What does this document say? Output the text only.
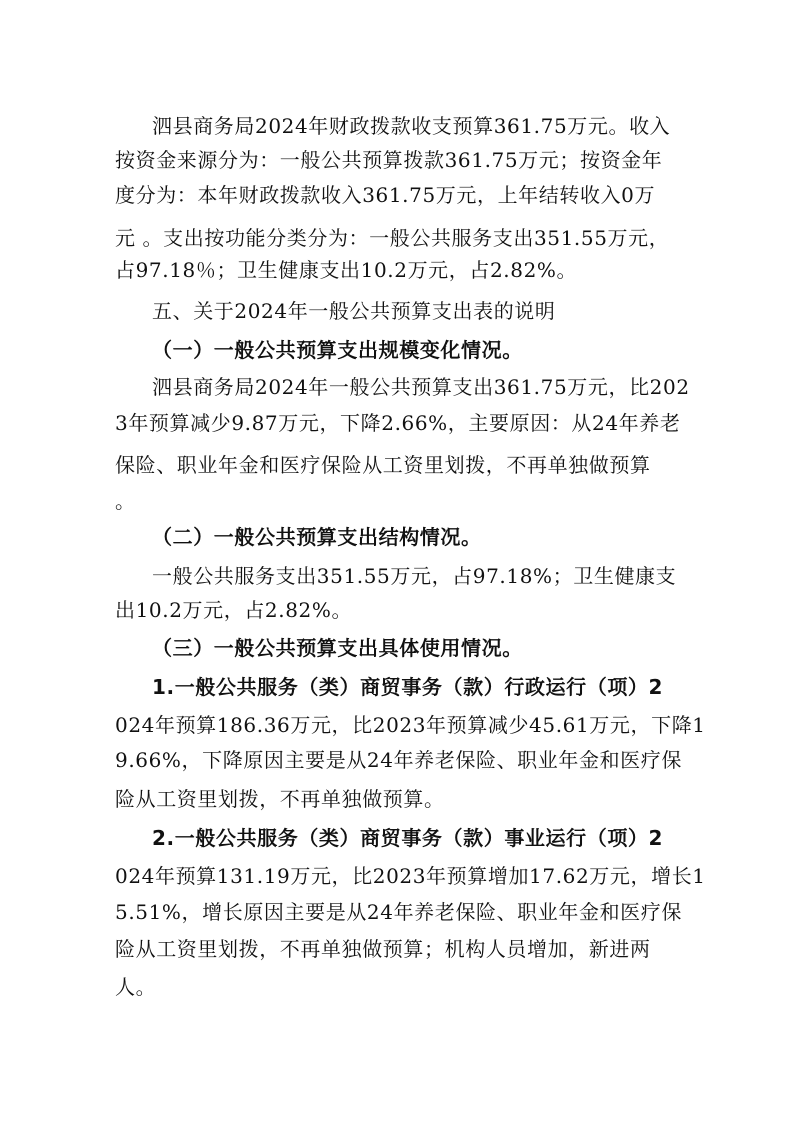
泗县商务局2024年财政拨款收支预算361.75万元。收入
按资金来源分为：一般公共预算拨款361.75万元；按资金年
度分为：本年财政拨款收入361.75万元，上年结转收入0万
元 。支出按功能分类分为：一般公共服务支出351.55万元，
占97.18％；卫生健康支出10.2万元，占2.82%。
五、关于2024年一般公共预算支出表的说明
（一）一般公共预算支出规模变化情况。
泗县商务局2024年一般公共预算支出361.75万元，比202
3年预算减少9.87万元，下降2.66%，主要原因：从24年养老
保险、职业年金和医疗保险从工资里划拨，不再单独做预算
。
（二）一般公共预算支出结构情况。
一般公共服务支出351.55万元，占97.18%；卫生健康支
出10.2万元，占2.82%。
（三）一般公共预算支出具体使用情况。
1.一般公共服务（类）商贸事务（款）行政运行（项）2
024年预算186.36万元，比2023年预算减少45.61万元，下降1
9.66%，下降原因主要是从24年养老保险、职业年金和医疗保
险从工资里划拨，不再单独做预算。
2.一般公共服务（类）商贸事务（款）事业运行（项）2
024年预算131.19万元，比2023年预算增加17.62万元，增长1
5.51%，增长原因主要是从24年养老保险、职业年金和医疗保
险从工资里划拨，不再单独做预算；机构人员增加，新进两
人。
